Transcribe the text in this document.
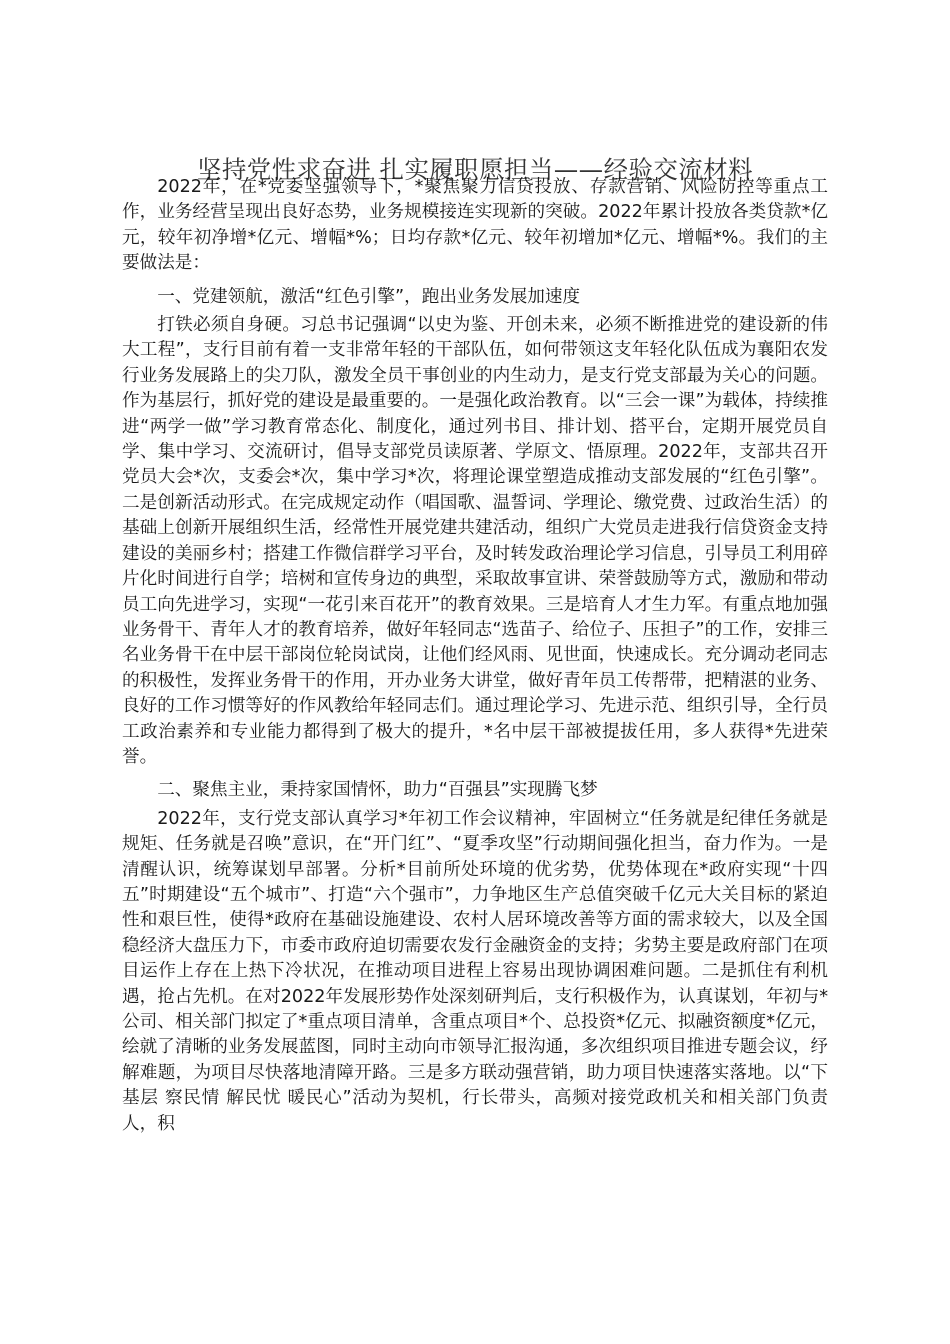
坚持党性求奋进 扎实履职愿担当——经验交流材料

2022年，在*党委坚强领导下，*聚焦聚力信贷投放、存款营销、风险防控等重点工作，业务经营呈现出良好态势，业务规模接连实现新的突破。2022年累计投放各类贷款*亿元，较年初净增*亿元、增幅*%；日均存款*亿元、较年初增加*亿元、增幅*%。我们的主要做法是：

一、党建领航，激活“红色引擎”，跑出业务发展加速度

打铁必须自身硬。习总书记强调“以史为鉴、开创未来，必须不断推进党的建设新的伟大工程”，支行目前有着一支非常年轻的干部队伍，如何带领这支年轻化队伍成为襄阳农发行业务发展路上的尖刀队，激发全员干事创业的内生动力，是支行党支部最为关心的问题。作为基层行，抓好党的建设是最重要的。一是强化政治教育。以“三会一课”为载体，持续推进“两学一做”学习教育常态化、制度化，通过列书目、排计划、搭平台，定期开展党员自学、集中学习、交流研讨，倡导支部党员读原著、学原文、悟原理。2022年，支部共召开党员大会*次，支委会*次，集中学习*次，将理论课堂塑造成推动支部发展的“红色引擎”。二是创新活动形式。在完成规定动作（唱国歌、温誓词、学理论、缴党费、过政治生活）的基础上创新开展组织生活，经常性开展党建共建活动，组织广大党员走进我行信贷资金支持建设的美丽乡村；搭建工作微信群学习平台，及时转发政治理论学习信息，引导员工利用碎片化时间进行自学；培树和宣传身边的典型，采取故事宣讲、荣誉鼓励等方式，激励和带动员工向先进学习，实现“一花引来百花开”的教育效果。三是培育人才生力军。有重点地加强业务骨干、青年人才的教育培养，做好年轻同志“选苗子、给位子、压担子”的工作，安排三名业务骨干在中层干部岗位轮岗试岗，让他们经风雨、见世面，快速成长。充分调动老同志的积极性，发挥业务骨干的作用，开办业务大讲堂，做好青年员工传帮带，把精湛的业务、良好的工作习惯等好的作风教给年轻同志们。通过理论学习、先进示范、组织引导，全行员工政治素养和专业能力都得到了极大的提升，*名中层干部被提拔任用，多人获得*先进荣誉。

二、聚焦主业，秉持家国情怀，助力“百强县”实现腾飞梦

2022年，支行党支部认真学习*年初工作会议精神，牢固树立“任务就是纪律任务就是规矩、任务就是召唤”意识，在“开门红”、“夏季攻坚”行动期间强化担当，奋力作为。一是清醒认识，统筹谋划早部署。分析*目前所处环境的优劣势，优势体现在*政府实现“十四五”时期建设“五个城市”、打造“六个强市”，力争地区生产总值突破千亿元大关目标的紧迫性和艰巨性，使得*政府在基础设施建设、农村人居环境改善等方面的需求较大，以及全国稳经济大盘压力下，市委市政府迫切需要农发行金融资金的支持；劣势主要是政府部门在项目运作上存在上热下冷状况，在推动项目进程上容易出现协调困难问题。二是抓住有利机遇，抢占先机。在对2022年发展形势作处深刻研判后，支行积极作为，认真谋划，年初与*公司、相关部门拟定了*重点项目清单，含重点项目*个、总投资*亿元、拟融资额度*亿元，绘就了清晰的业务发展蓝图，同时主动向市领导汇报沟通，多次组织项目推进专题会议，纾解难题，为项目尽快落地清障开路。三是多方联动强营销，助力项目快速落实落地。以“下基层 察民情 解民忧 暖民心”活动为契机，行长带头，高频对接党政机关和相关部门负责人，积
